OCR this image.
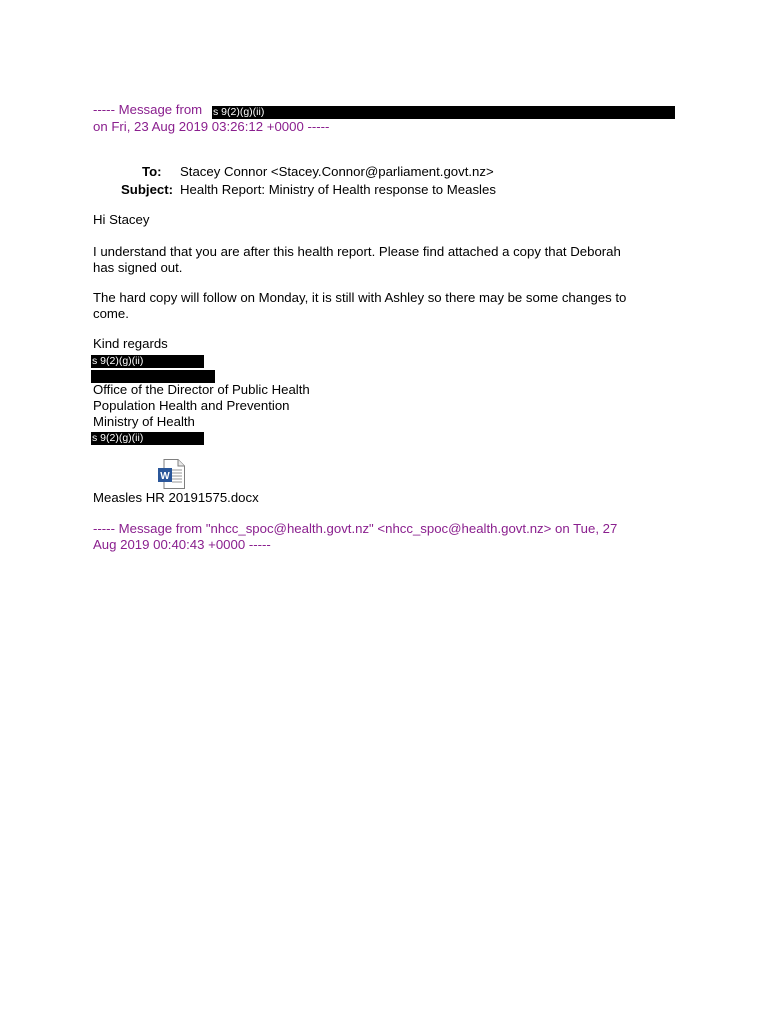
----- Message from s 9(2)(g)(ii)
on Fri, 23 Aug 2019 03:26:12 +0000 -----
To: Stacey Connor <Stacey.Connor@parliament.govt.nz>
Subject: Health Report: Ministry of Health response to Measles
Hi Stacey
I understand that you are after this health report. Please find attached a copy that Deborah
has signed out.
The hard copy will follow on Monday, it is still with Ashley so there may be some changes to
come.
Kind regards
s 9(2)(g)(ii)
Office of the Director of Public Health
Population Health and Prevention
Ministry of Health
s 9(2)(g)(ii)
W
Measles HR 20191575.docx
----- Message from "nhcc_spoc@health.govt.nz" <nhcc_spoc@health.govt.nz> on Tue, 27
Aug 2019 00:40:43 +0000 -----
